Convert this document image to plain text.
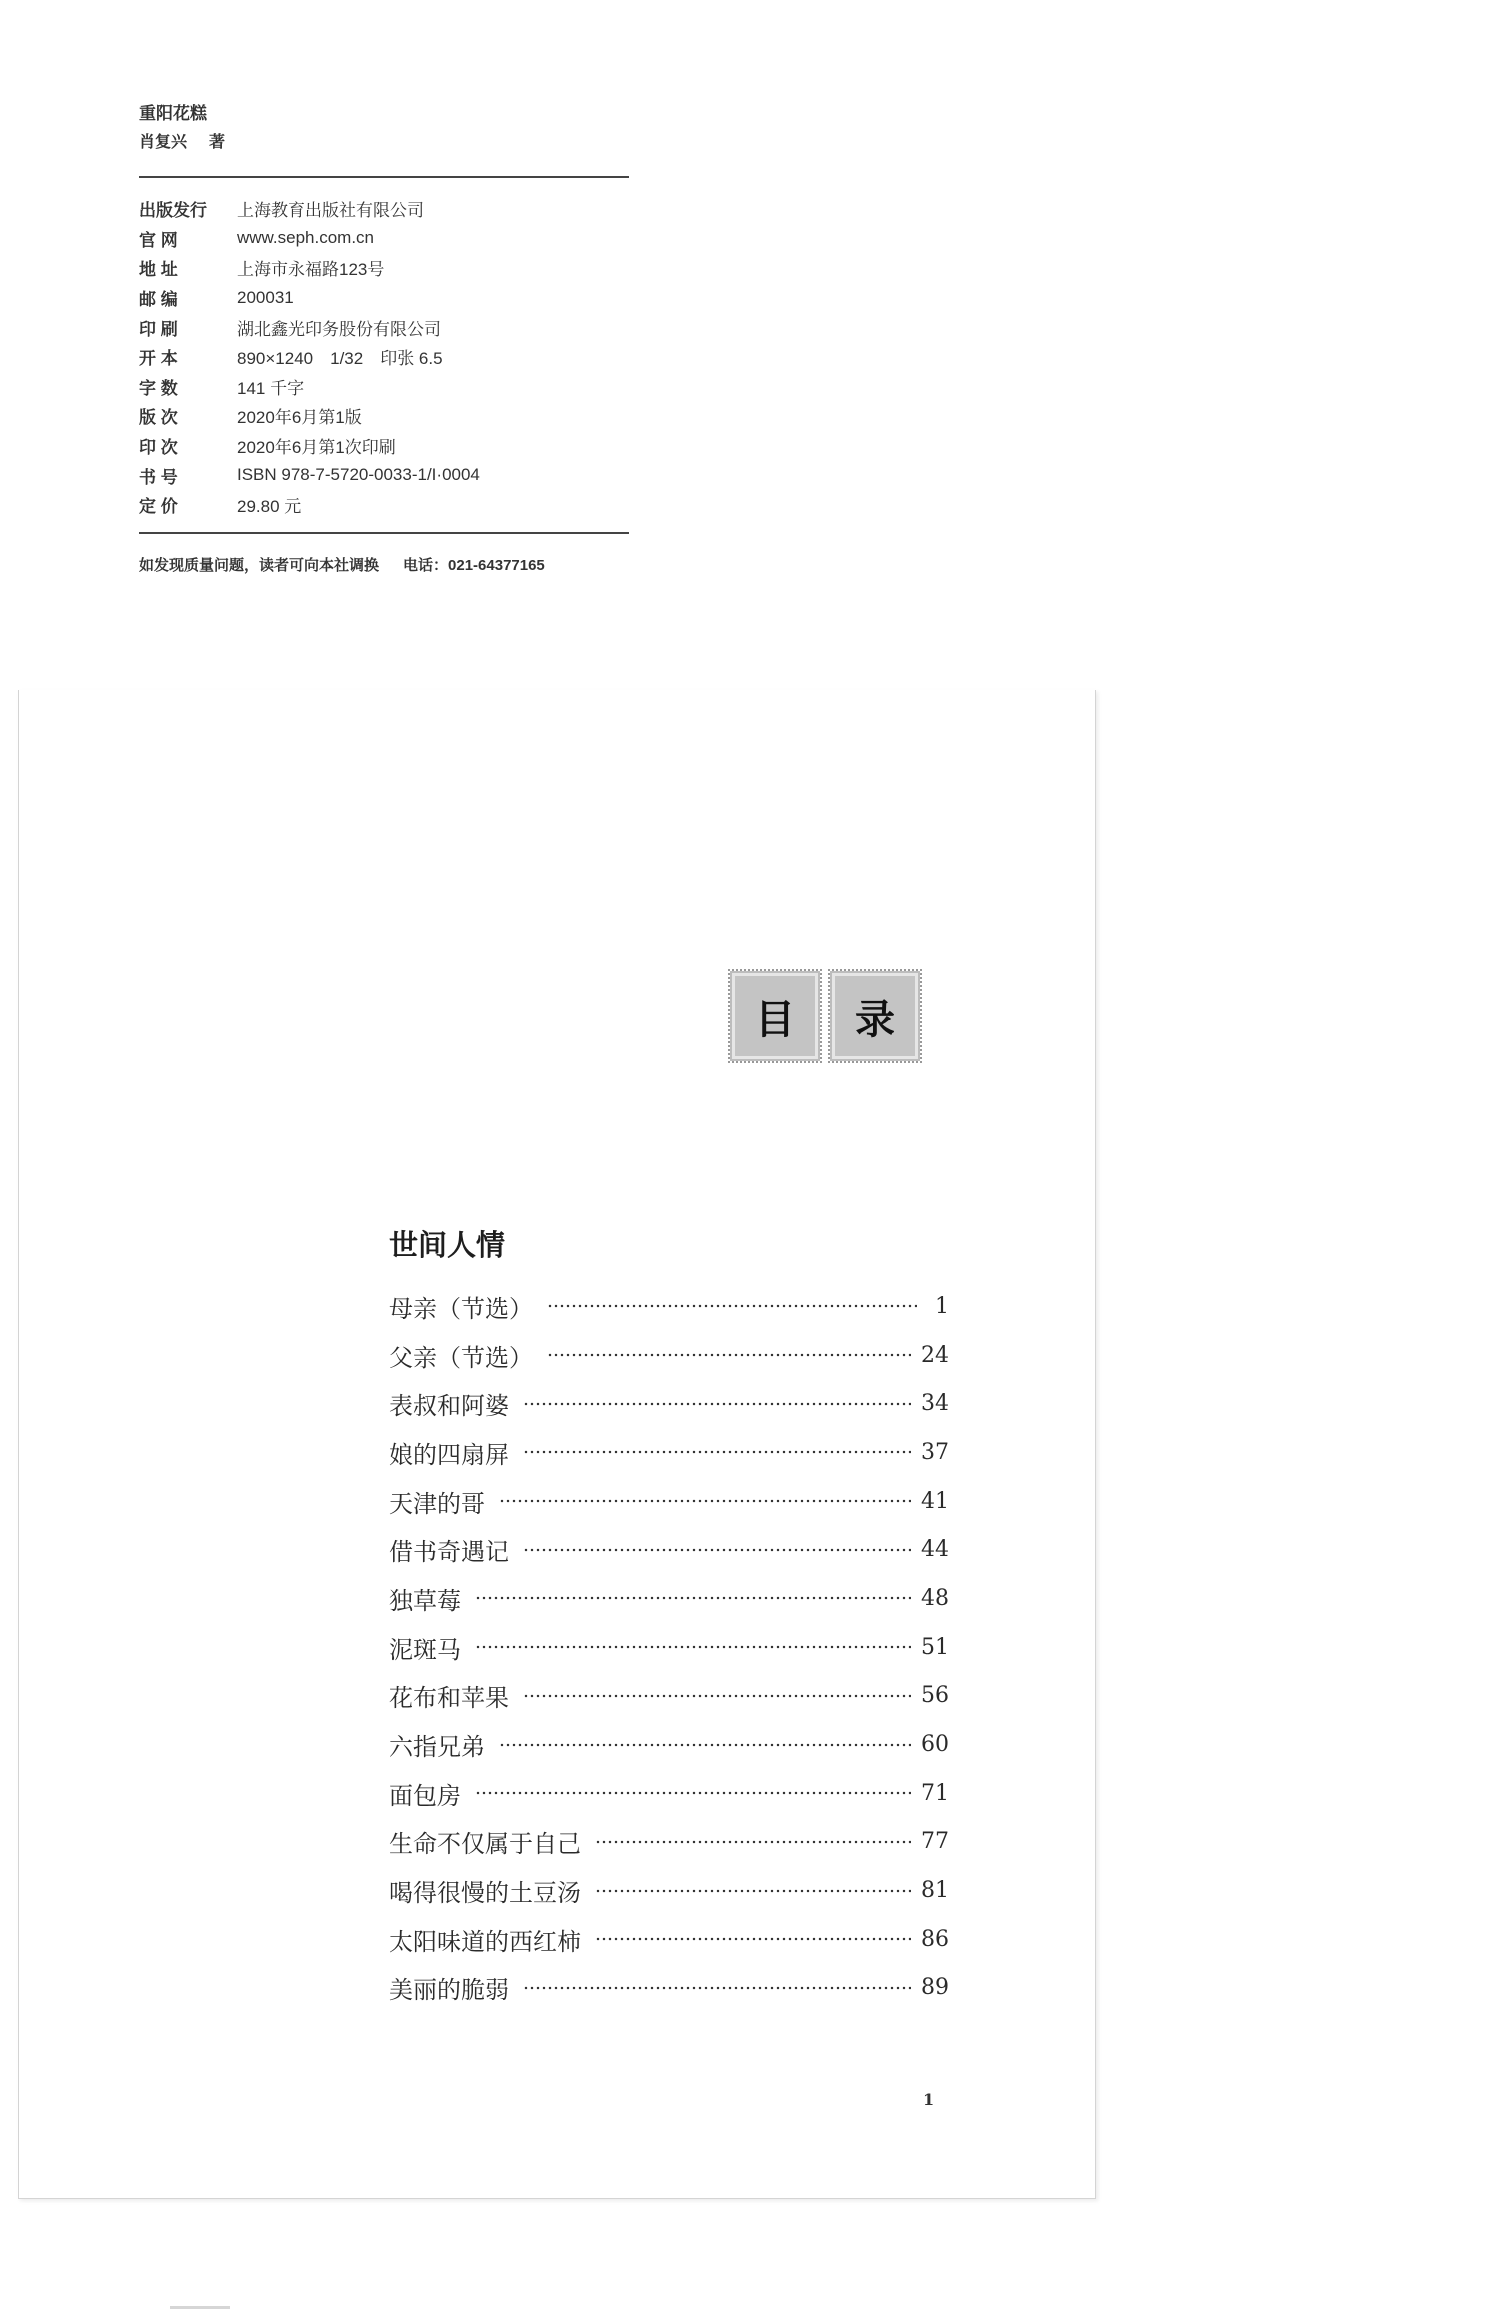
重阳花糕
肖复兴 著
出版发行	上海教育出版社有限公司
官 网	www.seph.com.cn
地 址	上海市永福路123号
邮 编	200031
印 刷	湖北鑫光印务股份有限公司
开 本	890×1240　1/32　印张 6.5
字 数	141 千字
版 次	2020年6月第1版
印 次	2020年6月第1次印刷
书 号	ISBN 978-7-5720-0033-1/I·0004
定 价	29.80 元
如发现质量问题，读者可向本社调换 电话：021-64377165
目	录
世间人情
母亲（节选）	1
父亲（节选）	24
表叔和阿婆	34
娘的四扇屏	37
天津的哥	41
借书奇遇记	44
独草莓	48
泥斑马	51
花布和苹果	56
六指兄弟	60
面包房	71
生命不仅属于自己	77
喝得很慢的土豆汤	81
太阳味道的西红柿	86
美丽的脆弱	89
1
